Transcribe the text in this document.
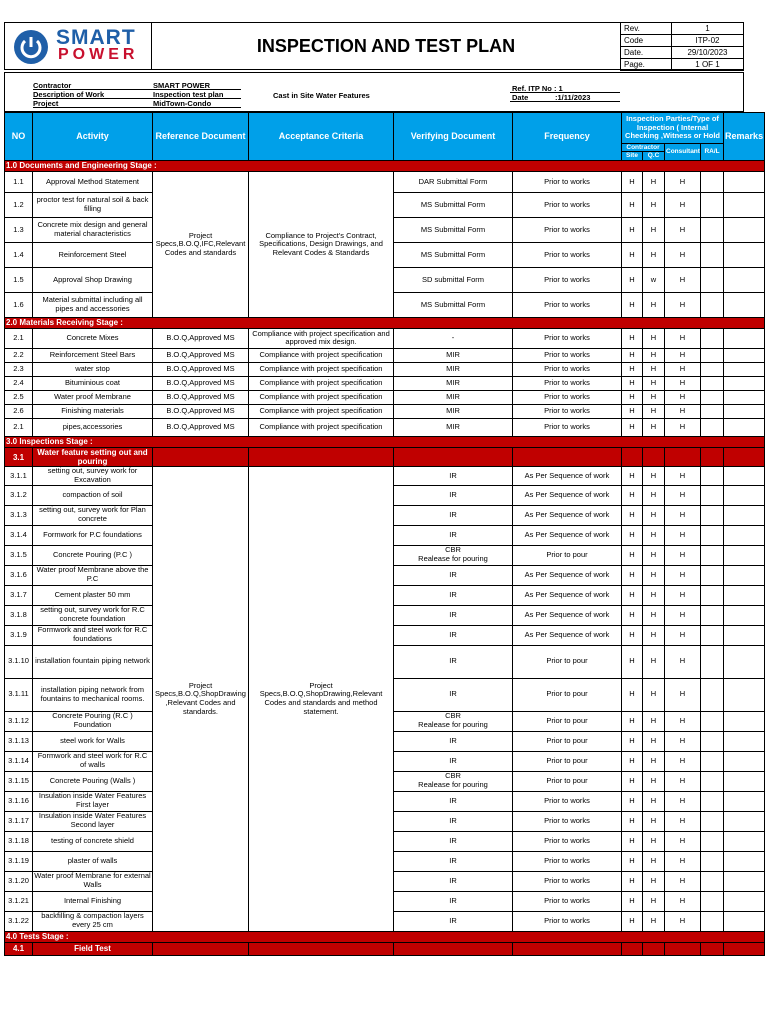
SMART
POWER	INSPECTION AND TEST PLAN
Rev.	1
Code	ITP-02
Date.	29/10/2023
Page.	1 OF 1
Contractor	SMART POWER
Description of Work	Inspection test plan
Project	MidTown-Condo
Cast in Site Water Features
Ref. ITP No : 1
Date	:1/11/2023
NO	Activity	Reference Document	Acceptance Criteria	Verifying Document	Frequency	Inspection Parties/Type of Inspection ( Internal Checking ,Witness or Hold				Remarks
						Contractor		Consultant	RA/L	
						Site	Q.C			
1.0 Documents and Engineering Stage :										
1.1	Approval Method Statement	Project Specs,B.O.Q,IFC,Relevant Codes and standards	Compliance to Project's Contract, Specifications, Design Drawings, and Relevant Codes & Standards	DAR Submittal Form	Prior to works	H	H	H		
1.2	proctor test for natural soil & back filling			MS Submittal Form	Prior to works	H	H	H		
1.3	Concrete mix design and general material characteristics			MS Submittal Form	Prior to works	H	H	H		
1.4	Reinforcement Steel			MS Submittal Form	Prior to works	H	H	H		
1.5	Approval Shop Drawing			SD submittal Form	Prior to works	H	w	H		
1.6	Material submittal including all pipes and accessories			MS Submittal Form	Prior to works	H	H	H		
2.0 Materials Receiving Stage :										
2.1	Concrete Mixes	B.O.Q,Approved MS	Compliance with project specification and approved mix design.	-	Prior to works	H	H	H		
2.2	Reinforcement Steel Bars	B.O.Q,Approved MS	Compliance with project specification	MIR	Prior to works	H	H	H		
2.3	water stop	B.O.Q,Approved MS	Compliance with project specification	MIR	Prior to works	H	H	H		
2.4	Bituminious coat	B.O.Q,Approved MS	Compliance with project specification	MIR	Prior to works	H	H	H		
2.5	Water proof Membrane	B.O.Q,Approved MS	Compliance with project specification	MIR	Prior to works	H	H	H		
2.6	Finishing materials	B.O.Q,Approved MS	Compliance with project specification	MIR	Prior to works	H	H	H		
2.1	pipes,accessories	B.O.Q,Approved MS	Compliance with project specification	MIR	Prior to works	H	H	H		
3.0 Inspections Stage :										
3.1	Water feature setting out and pouring									
3.1.1	setting out, survey work for Excavation	Project Specs,B.O.Q,ShopDrawing ,Relevant Codes and standards.	Project Specs,B.O.Q,ShopDrawing,Relevant Codes and standards and method statement.	IR	As Per Sequence of work	H	H	H		
3.1.2	compaction of soil			IR	As Per Sequence of work	H	H	H		
3.1.3	setting out, survey work for Plan concrete			IR	As Per Sequence of work	H	H	H		
3.1.4	Formwork for P.C foundations			IR	As Per Sequence of work	H	H	H		
3.1.5	Concrete Pouring (P.C )			CBR
Realease for pouring	Prior to pour	H	H	H		
3.1.6	Water proof Membrane above the P.C			IR	As Per Sequence of work	H	H	H		
3.1.7	Cement plaster 50 mm			IR	As Per Sequence of work	H	H	H		
3.1.8	setting out, survey work for R.C concrete foundation			IR	As Per Sequence of work	H	H	H		
3.1.9	Formwork and steel work for R.C foundations			IR	As Per Sequence of work	H	H	H		
3.1.10	installation fountain piping network			IR	Prior to pour	H	H	H		
3.1.11	installation piping network from fountains to mechanical rooms.			IR	Prior to pour	H	H	H		
3.1.12	Concrete Pouring (R.C ) Foundation			CBR
Realease for pouring	Prior to pour	H	H	H		
3.1.13	steel work for Walls			IR	Prior to pour	H	H	H		
3.1.14	Formwork and steel work for R.C of walls			IR	Prior to pour	H	H	H		
3.1.15	Concrete Pouring (Walls )			CBR
Realease for pouring	Prior to pour	H	H	H		
3.1.16	Insulation inside Water Features First layer			IR	Prior to works	H	H	H		
3.1.17	Insulation inside Water Features Second layer			IR	Prior to works	H	H	H		
3.1.18	testing of concrete shield			IR	Prior to works	H	H	H		
3.1.19	plaster of walls			IR	Prior to works	H	H	H		
3.1.20	Water proof Membrane for external Walls			IR	Prior to works	H	H	H		
3.1.21	Internal Finishing			IR	Prior to works	H	H	H		
3.1.22	backfilling & compaction layers every 25 cm			IR	Prior to works	H	H	H		
4.0 Tests Stage :										
4.1	Field Test									
